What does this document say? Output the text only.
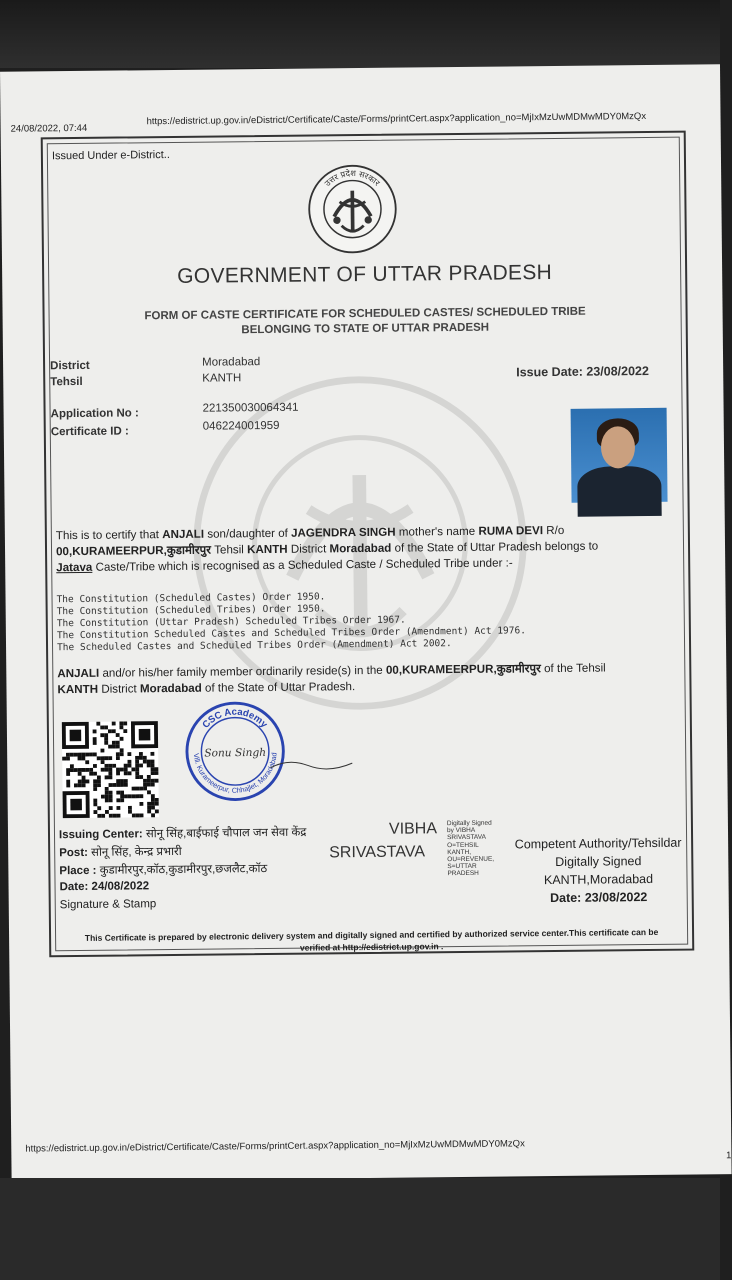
24/08/2022, 07:44
https://edistrict.up.gov.in/eDistrict/Certificate/Caste/Forms/printCert.aspx?application_no=MjIxMzUwMDMwMDY0MzQx
Issued Under e-District..
उत्तर प्रदेश सरकार
GOVERNMENT OF UTTAR PRADESH
FORM OF CASTE CERTIFICATE FOR SCHEDULED CASTES/ SCHEDULED TRIBE
BELONGING TO STATE OF UTTAR PRADESH
District	Moradabad
Tehsil	KANTH	Issue Date: 23/08/2022
Application No :	221350030064341
Certificate ID :	046224001959
This is to certify that ANJALI son/daughter of JAGENDRA SINGH mother's name RUMA DEVI R/o
00,KURAMEERPUR,कुडामीरपुर Tehsil KANTH District Moradabad of the State of Uttar Pradesh belongs to
Jatava Caste/Tribe which is recognised as a Scheduled Caste / Scheduled Tribe under :-
The Constitution (Scheduled Castes) Order 1950.
The Constitution (Scheduled Tribes) Order 1950.
The Constitution (Uttar Pradesh) Scheduled Tribes Order 1967.
The Constitution Scheduled Castes and Scheduled Tribes Order (Amendment) Act 1976.
The Scheduled Castes and Scheduled Tribes Order (Amendment) Act 2002.
ANJALI and/or his/her family member ordinarily reside(s) in the 00,KURAMEERPUR,कुडामीरपुर of the Tehsil
KANTH District Moradabad of the State of Uttar Pradesh.
CSC Academy
Vill. Kurameerpur, Chhajlet, Moradabad
Sonu Singh
Issuing Center: सोनू सिंह,बाईफाई चौपाल जन सेवा केंद्र
Post: सोनू सिंह, केन्द्र प्रभारी
Place : कुडामीरपुर,कॉठ,कुडामीरपुर,छजलैट,कॉठ
Date: 24/08/2022
Signature & Stamp
VIBHA Digitally Signed
by VIBHA
SRIVASTAVA
SRIVASTAVA	O=TEHSIL
KANTH,
OU=REVENUE,
S=UTTAR
PRADESH
Competent Authority/Tehsildar
Digitally Signed
KANTH,Moradabad
Date: 23/08/2022
This Certificate is prepared by electronic delivery system and digitally signed and certified by authorized service center.This certificate can be
verified at http://edistrict.up.gov.in .
https://edistrict.up.gov.in/eDistrict/Certificate/Caste/Forms/printCert.aspx?application_no=MjIxMzUwMDMwMDY0MzQx
1
